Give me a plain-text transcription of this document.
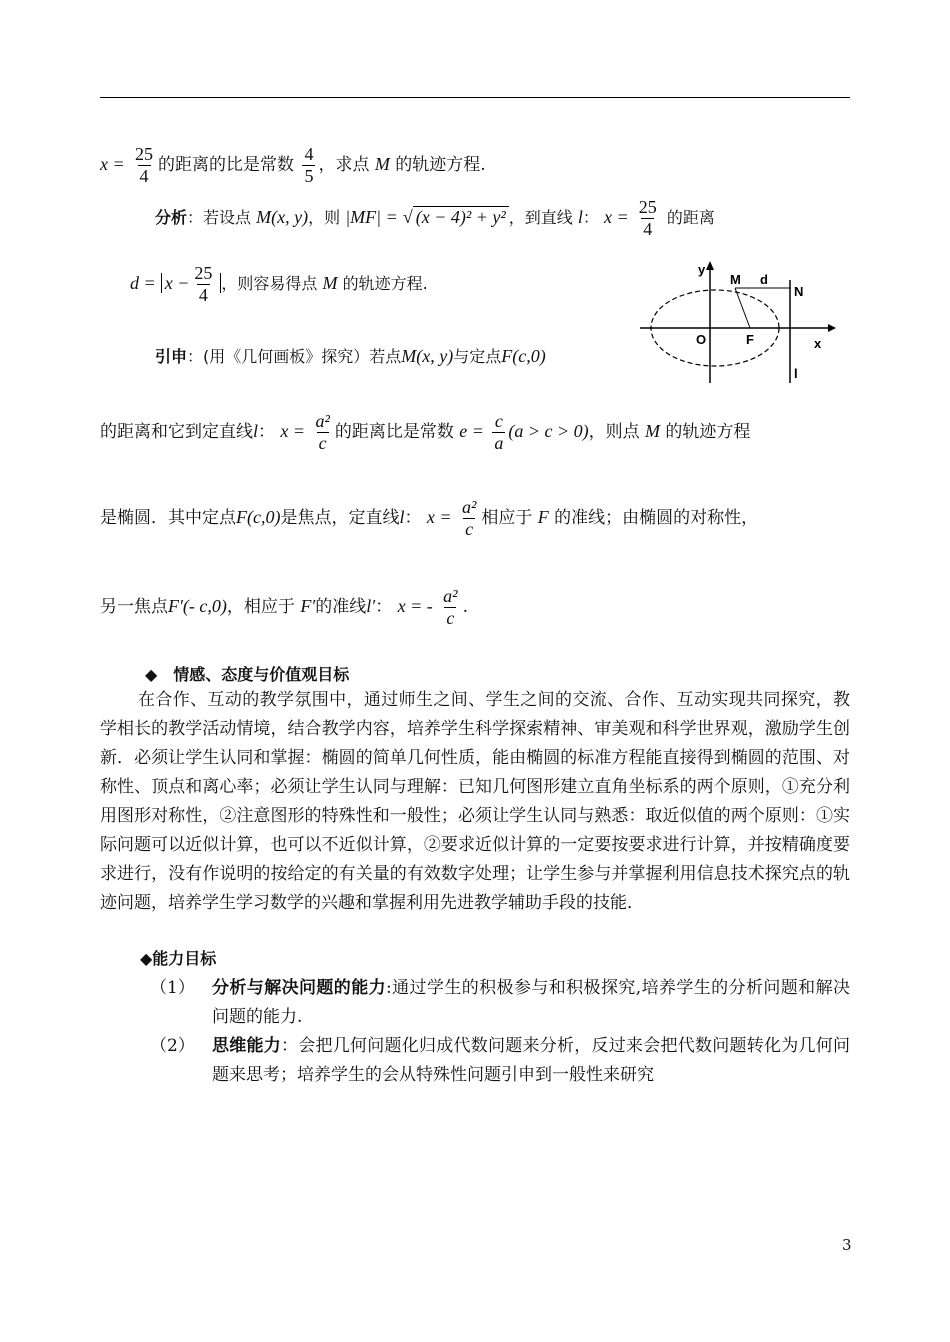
$x = \frac{25}{4}$ 的距离的比是常数 $\frac{4}{5}$ ，求点 M 的轨迹方程.
分析：若设点 M(x, y)，则 |MF| = √ (x − 4)² + y² ，到直线 l： $x = \frac{25}{4}$ 的距离
$d = x - \frac{25}{4}$ ，则容易得点 M 的轨迹方程.
引申：(用《几何画板》探究）若点M(x, y)与定点F(c,0)
y
M d
N
O	F	x
l
的距离和它到定直线l： $x = \frac{\text{a²}}{c}$ 的距离比是常数 $e = \frac{c}{a} (a > c > 0)$，则点 M 的轨迹方程
是椭圆．其中定点F(c,0)是焦点，定直线l： $x = \frac{\text{a²}}{c}$ 相应于 F 的准线；由椭圆的对称性，
另一焦点F′(- c,0)，相应于 F′的准线l′： x = - $\frac{\text{a²}}{c}$ .
◆　情感、态度与价值观目标
在合作、互动的教学氛围中，通过师生之间、学生之间的交流、合作、互动实现共同探究，教学相长的教学活动情境，结合教学内容，培养学生科学探索精神、审美观和科学世界观，激励学生创新．必须让学生认同和掌握：椭圆的简单几何性质，能由椭圆的标准方程能直接得到椭圆的范围、对称性、顶点和离心率；必须让学生认同与理解：已知几何图形建立直角坐标系的两个原则，①充分利用图形对称性，②注意图形的特殊性和一般性；必须让学生认同与熟悉：取近似值的两个原则：①实际问题可以近似计算，也可以不近似计算，②要求近似计算的一定要按要求进行计算，并按精确度要求进行，没有作说明的按给定的有关量的有效数字处理；让学生参与并掌握利用信息技术探究点的轨迹问题，培养学生学习数学的兴趣和掌握利用先进教学辅助手段的技能．
◆能力目标
（1） 分析与解决问题的能力:通过学生的积极参与和积极探究,培养学生的分析问题和解决问题的能力.
（2） 思维能力：会把几何问题化归成代数问题来分析，反过来会把代数问题转化为几何问题来思考；培养学生的会从特殊性问题引申到一般性来研究
3
